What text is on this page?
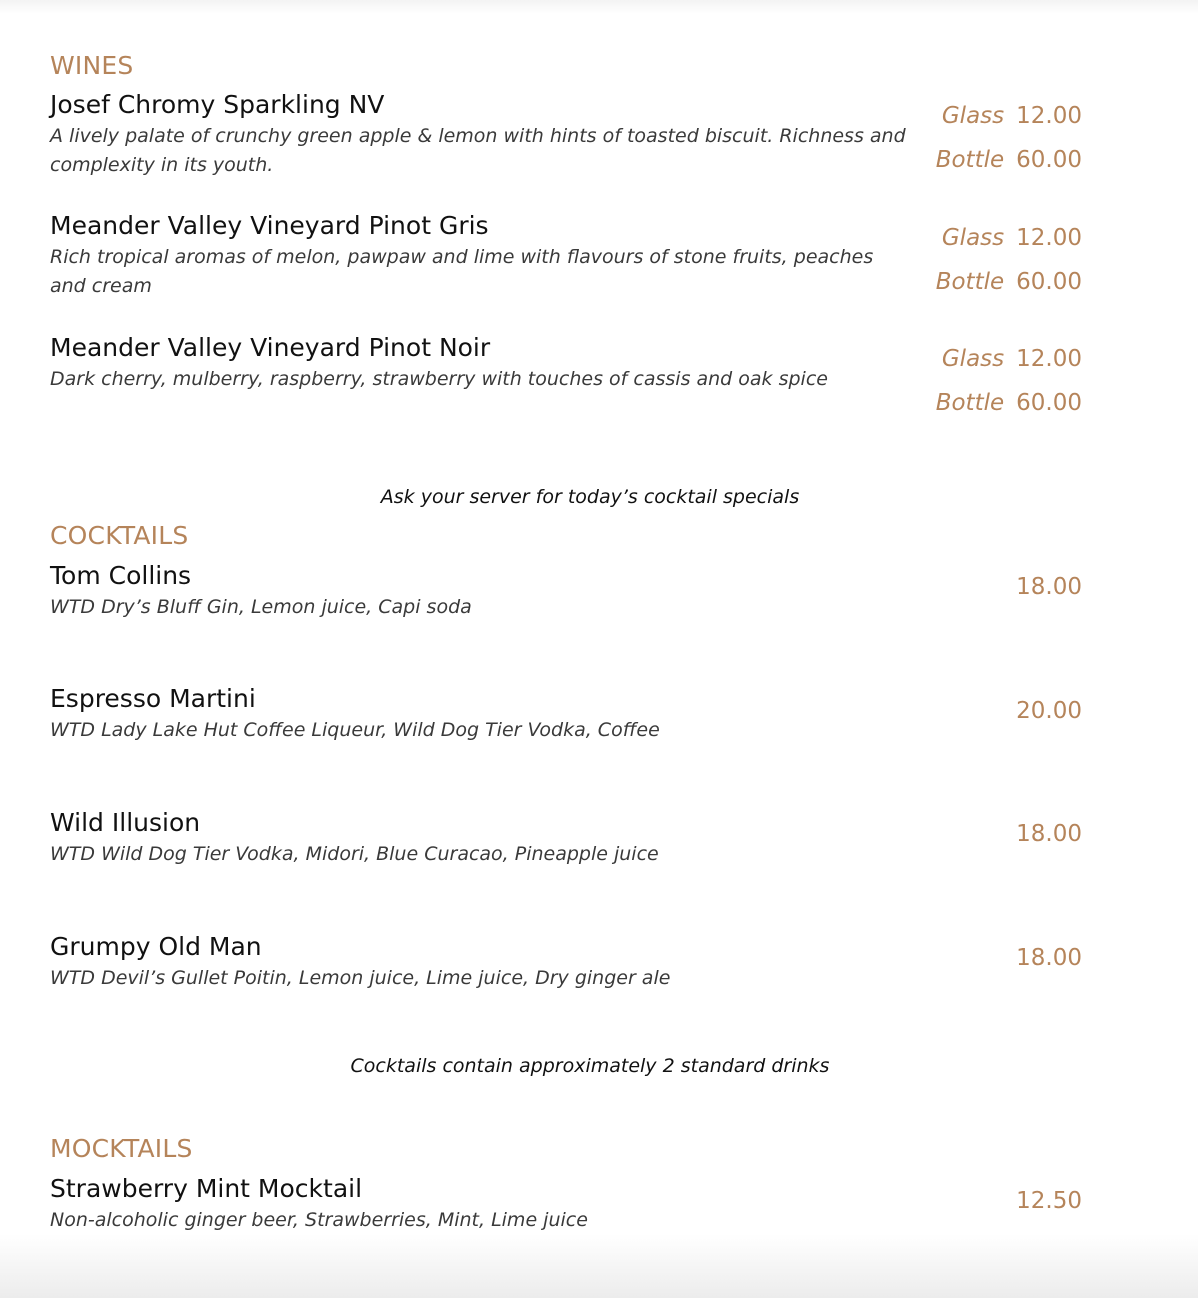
WINES
Josef Chromy Sparkling NV
A lively palate of crunchy green apple & lemon with hints of toasted biscuit. Richness and complexity in its youth.
Glass 12.00
Bottle 60.00
Meander Valley Vineyard Pinot Gris
Rich tropical aromas of melon, pawpaw and lime with flavours of stone fruits, peaches and cream
Glass 12.00
Bottle 60.00
Meander Valley Vineyard Pinot Noir
Dark cherry, mulberry, raspberry, strawberry with touches of cassis and oak spice
Glass 12.00
Bottle 60.00
Ask your server for today’s cocktail specials
COCKTAILS
Tom Collins
WTD Dry’s Bluff Gin, Lemon juice, Capi soda
18.00
Espresso Martini
WTD Lady Lake Hut Coffee Liqueur, Wild Dog Tier Vodka, Coffee
20.00
Wild Illusion
WTD Wild Dog Tier Vodka, Midori, Blue Curacao, Pineapple juice
18.00
Grumpy Old Man
WTD Devil’s Gullet Poitin, Lemon juice, Lime juice, Dry ginger ale
18.00
Cocktails contain approximately 2 standard drinks
MOCKTAILS
Strawberry Mint Mocktail
Non-alcoholic ginger beer, Strawberries, Mint, Lime juice
12.50
